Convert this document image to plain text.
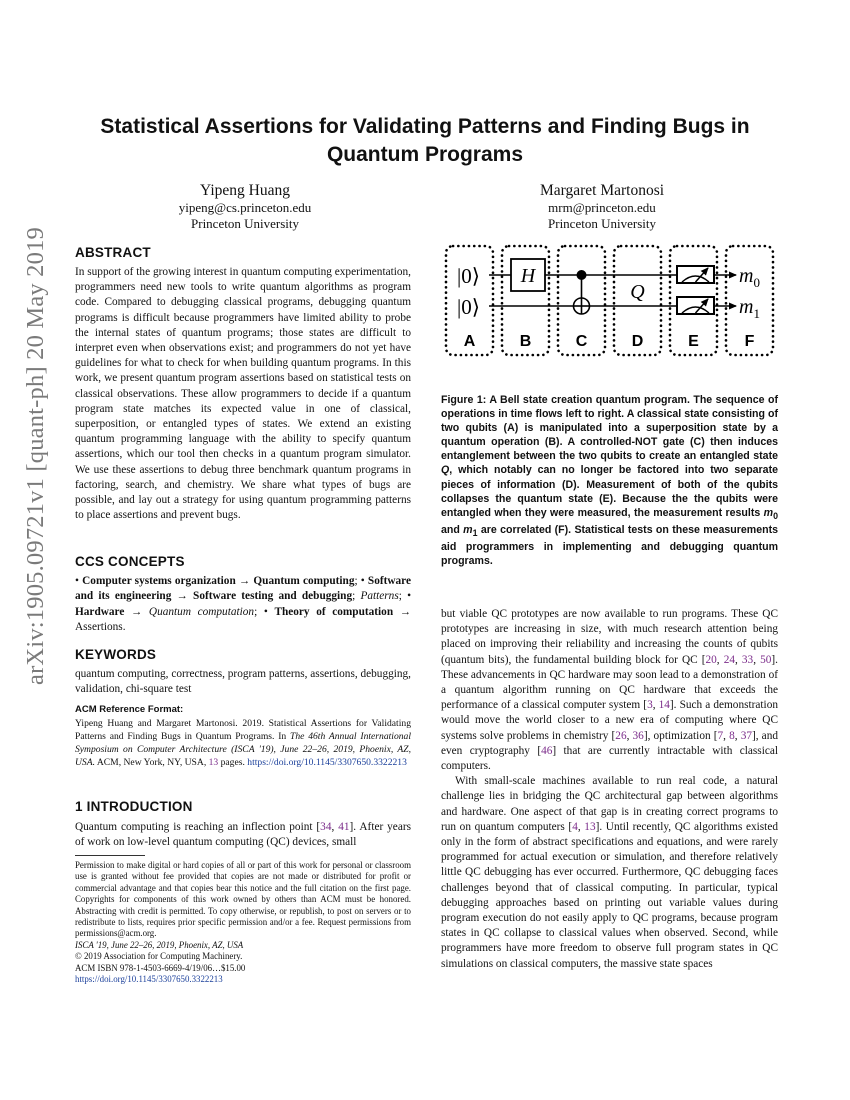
arXiv:1905.09721v1 [quant-ph] 20 May 2019
Statistical Assertions for Validating Patterns and Finding Bugs in Quantum Programs
Yipeng Huang
yipeng@cs.princeton.edu
Princeton University
Margaret Martonosi
mrm@princeton.edu
Princeton University
ABSTRACT

In support of the growing interest in quantum computing experimentation, programmers need new tools to write quantum algorithms as program code. Compared to debugging classical programs, debugging quantum programs is difficult because programmers have limited ability to probe the internal states of quantum programs; those states are difficult to interpret even when observations exist; and programmers do not yet have guidelines for what to check for when building quantum programs. In this work, we present quantum program assertions based on statistical tests on classical observations. These allow programmers to decide if a quantum program state matches its expected value in one of classical, superposition, or entangled types of states. We extend an existing quantum programming language with the ability to specify quantum assertions, which our tool then checks in a quantum program simulator. We use these assertions to debug three benchmark quantum programs in factoring, search, and chemistry. We share what types of bugs are possible, and lay out a strategy for using quantum programming patterns to place assertions and prevent bugs.

CCS CONCEPTS
• Computer systems organization → Quantum computing; • Software and its engineering → Software testing and debugging; Patterns; • Hardware → Quantum computation; • Theory of computation → Assertions.
KEYWORDS

quantum computing, correctness, program patterns, assertions, debugging, validation, chi-square test

ACM Reference Format:
Yipeng Huang and Margaret Martonosi. 2019. Statistical Assertions for Validating Patterns and Finding Bugs in Quantum Programs. In The 46th Annual International Symposium on Computer Architecture (ISCA '19), June 22–26, 2019, Phoenix, AZ, USA. ACM, New York, NY, USA, 13 pages. https://doi.org/10.1145/3307650.3322213
1 INTRODUCTION

Quantum computing is reaching an inflection point [34, 41]. After years of work on low-level quantum computing (QC) devices, small

Permission to make digital or hard copies of all or part of this work for personal or classroom use is granted without fee provided that copies are not made or distributed for profit or commercial advantage and that copies bear this notice and the full citation on the first page. Copyrights for components of this work owned by others than ACM must be honored. Abstracting with credit is permitted. To copy otherwise, or republish, to post on servers or to redistribute to lists, requires prior specific permission and/or a fee. Request permissions from permissions@acm.org.
ISCA '19, June 22–26, 2019, Phoenix, AZ, USA
© 2019 Association for Computing Machinery.
ACM ISBN 978-1-4503-6669-4/19/06…$15.00
https://doi.org/10.1145/3307650.3322213
|0⟩
|0⟩
H
Q
$m_0$
$m_1$
A	B	C	D	E	F
Figure 1: A Bell state creation quantum program. The sequence of operations in time flows left to right. A classical state consisting of two qubits (A) is manipulated into a superposition state by a quantum operation (B). A controlled-NOT gate (C) then induces entanglement between the two qubits to create an entangled state Q, which notably can no longer be factored into two separate pieces of information (D). Measurement of both of the qubits collapses the quantum state (E). Because the the qubits were entangled when they were measured, the measurement results $m_0$ and $m_1$ are correlated (F). Statistical tests on these measurements aid programmers in implementing and debugging quantum programs.

but viable QC prototypes are now available to run programs. These QC prototypes are increasing in size, with much research attention being placed on improving their reliability and increasing the counts of qubits (quantum bits), the fundamental building block for QC [20, 24, 33, 50]. These advancements in QC hardware may soon lead to a demonstration of a quantum algorithm running on QC hardware that exceeds the performance of a classical computer system [3, 14]. Such a demonstration would move the world closer to a new era of computing where QC systems solve problems in chemistry [26, 36], optimization [7, 8, 37], and even cryptography [46] that are currently intractable with classical computers.

With small-scale machines available to run real code, a natural challenge lies in bridging the QC architectural gap between algorithms and hardware. One aspect of that gap is in creating correct programs to run on quantum computers [4, 13]. Until recently, QC algorithms existed only in the form of abstract specifications and equations, and were rarely programmed for actual execution or simulation, and therefore relatively little QC debugging has ever occurred. Furthermore, QC debugging faces challenges beyond that of classical computing. In particular, typical debugging approaches based on printing out variable values during program execution do not easily apply to QC programs, because program states in QC collapse to classical values when observed. Second, while programmers have more freedom to observe full program states in QC simulations on classical computers, the massive state spaces
